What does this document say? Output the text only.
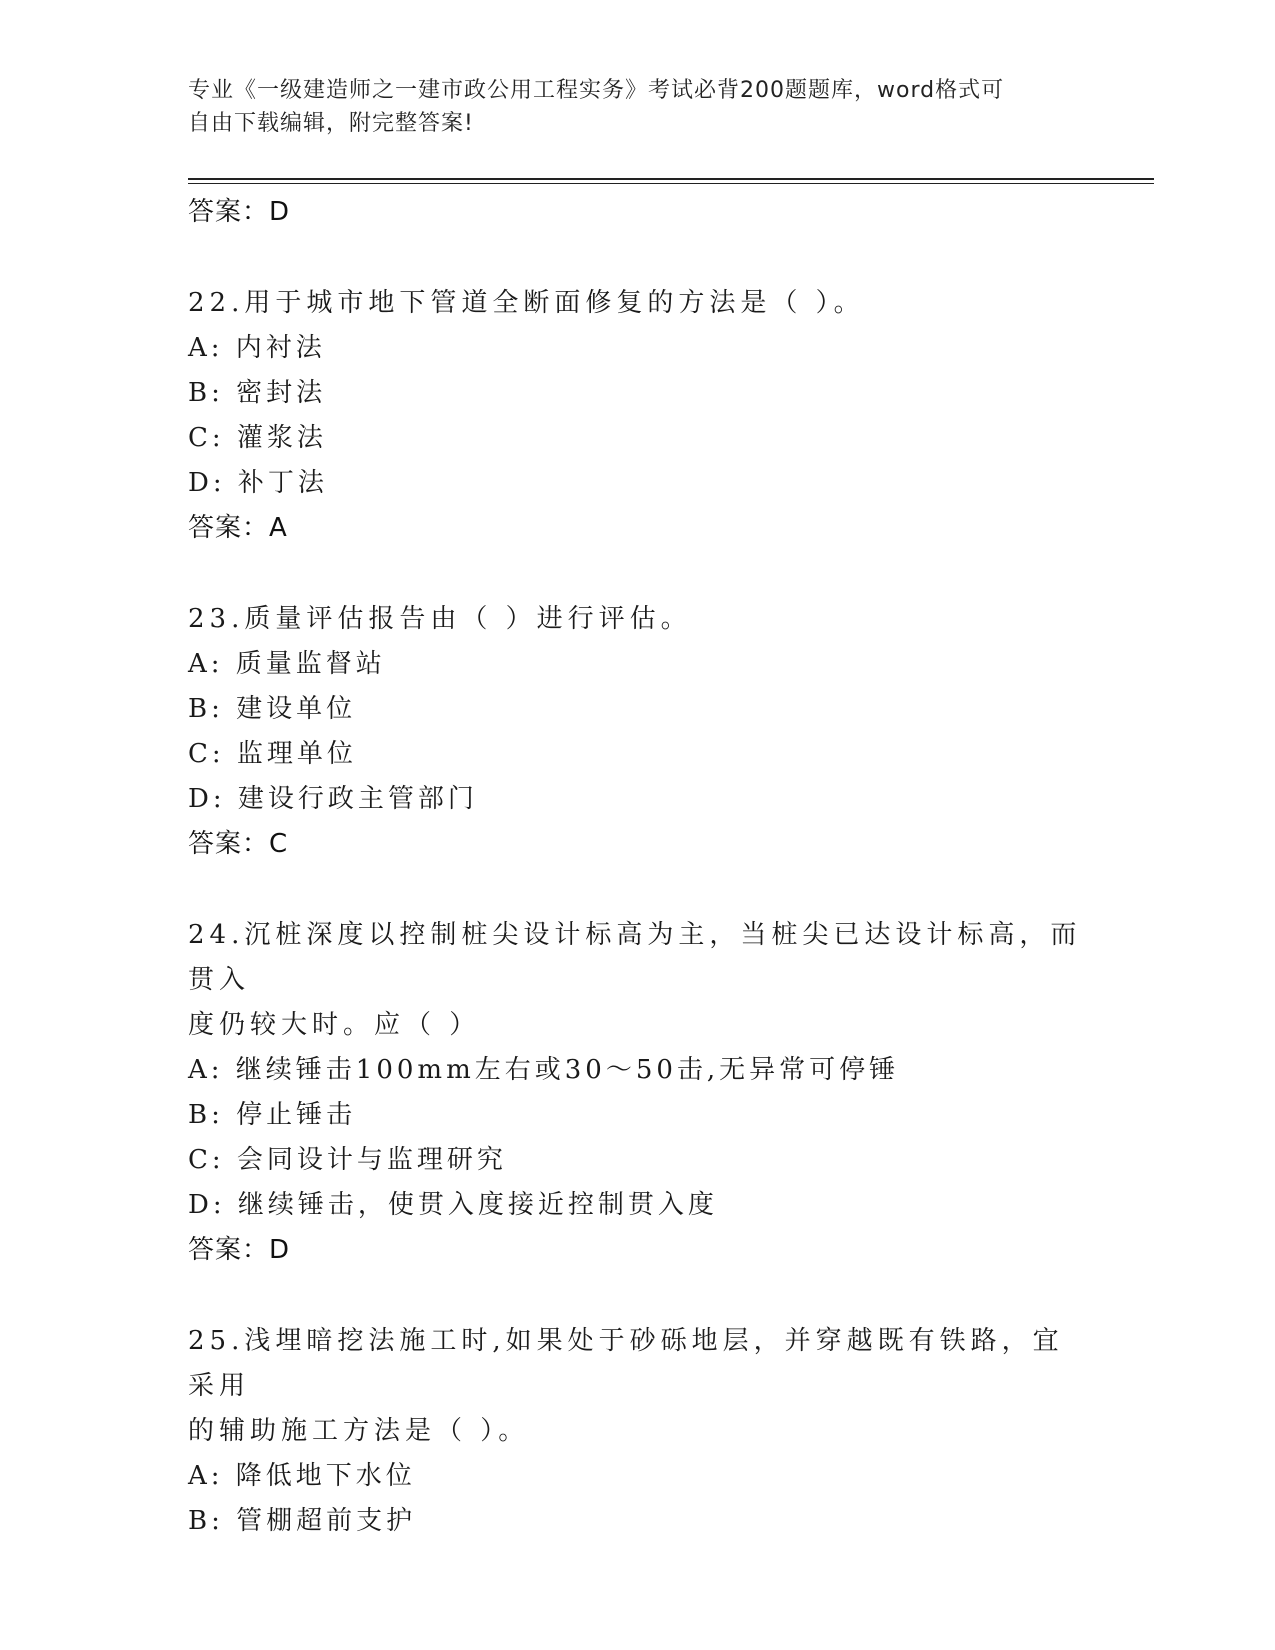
专业《一级建造师之一建市政公用工程实务》考试必背200题题库，word格式可
自由下载编辑，附完整答案!
答案：D
22.用于城市地下管道全断面修复的方法是（ ）。
A: 内衬法
B: 密封法
C: 灌浆法
D: 补丁法
答案：A
23.质量评估报告由（ ）进行评估。
A: 质量监督站
B: 建设单位
C: 监理单位
D: 建设行政主管部门
答案：C
24.沉桩深度以控制桩尖设计标高为主，当桩尖已达设计标高，而贯入
度仍较大时。应（ ）
A: 继续锤击100mm左右或30～50击,无异常可停锤
B: 停止锤击
C: 会同设计与监理研究
D: 继续锤击，使贯入度接近控制贯入度
答案：D
25.浅埋暗挖法施工时,如果处于砂砾地层，并穿越既有铁路，宜采用
的辅助施工方法是（ ）。
A: 降低地下水位
B: 管棚超前支护
